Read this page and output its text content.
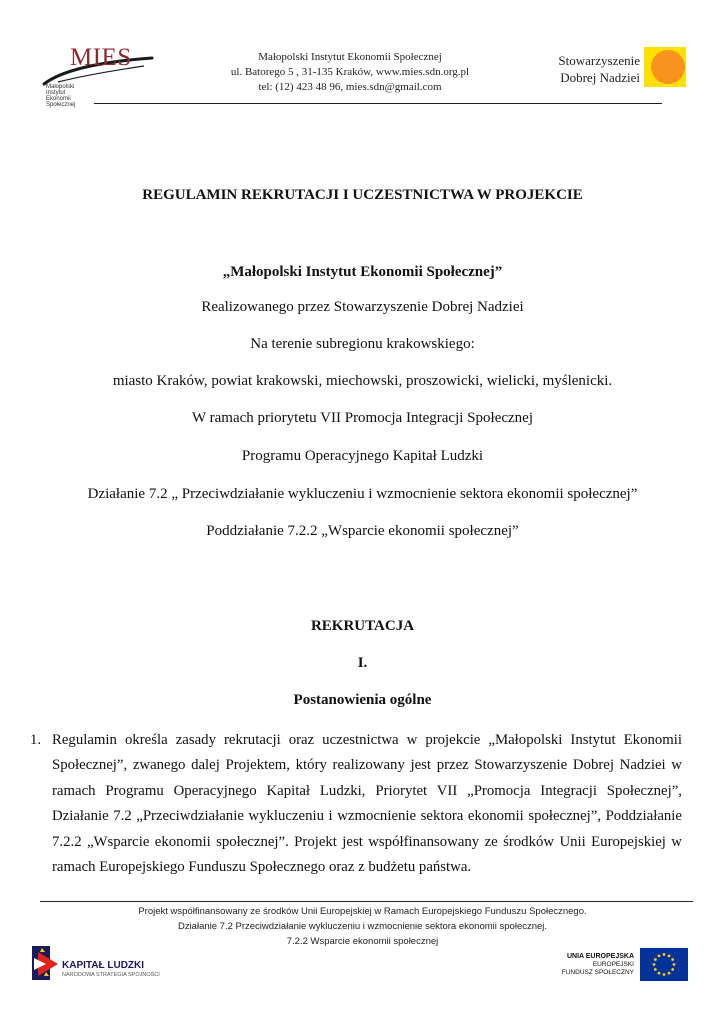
MIES
Małopolski Instytut Ekonomii Społecznej
Małopolski Instytut Ekonomii Społecznej
ul. Batorego 5 , 31-135 Kraków, www.mies.sdn.org.pl
tel: (12) 423 48 96, mies.sdn@gmail.com
Stowarzyszenie
Dobrej Nadziei
REGULAMIN REKRUTACJI I UCZESTNICTWA W PROJEKCIE
„Małopolski Instytut Ekonomii Społecznej”
Realizowanego przez Stowarzyszenie Dobrej Nadziei
Na terenie subregionu krakowskiego:
miasto Kraków, powiat krakowski, miechowski, proszowicki, wielicki, myślenicki.
W ramach priorytetu VII Promocja Integracji Społecznej
Programu Operacyjnego Kapitał Ludzki
Działanie 7.2 „ Przeciwdziałanie wykluczeniu i wzmocnienie sektora ekonomii społecznej”
Poddziałanie 7.2.2 „Wsparcie ekonomii społecznej”
REKRUTACJA
I.
Postanowienia ogólne
1. Regulamin określa zasady rekrutacji oraz uczestnictwa w projekcie „Małopolski Instytut Ekonomii Społecznej”, zwanego dalej Projektem, który realizowany jest przez Stowarzyszenie Dobrej Nadziei w ramach Programu Operacyjnego Kapitał Ludzki, Priorytet VII „Promocja Integracji Społecznej”, Działanie 7.2 „Przeciwdziałanie wykluczeniu i wzmocnienie sektora ekonomii społecznej”, Poddziałanie 7.2.2 „Wsparcie ekonomii społecznej”. Projekt jest współfinansowany ze środków Unii Europejskiej w ramach Europejskiego Funduszu Społecznego oraz z budżetu państwa.
Projekt współfinansowany ze środków Unii Europejskiej w Ramach Europejskiego Funduszu Społecznego.
Działanie 7.2 Przeciwdziałanie wykluczeniu i wzmocnienie sektora ekonomii społecznej.
7.2.2 Wsparcie ekonomii społecznej
KAPITAŁ LUDZKI
NARODOWA STRATEGIA SPÓJNOŚCI
UNIA EUROPEJSKA
EUROPEJSKI
FUNDUSZ SPOŁECZNY
